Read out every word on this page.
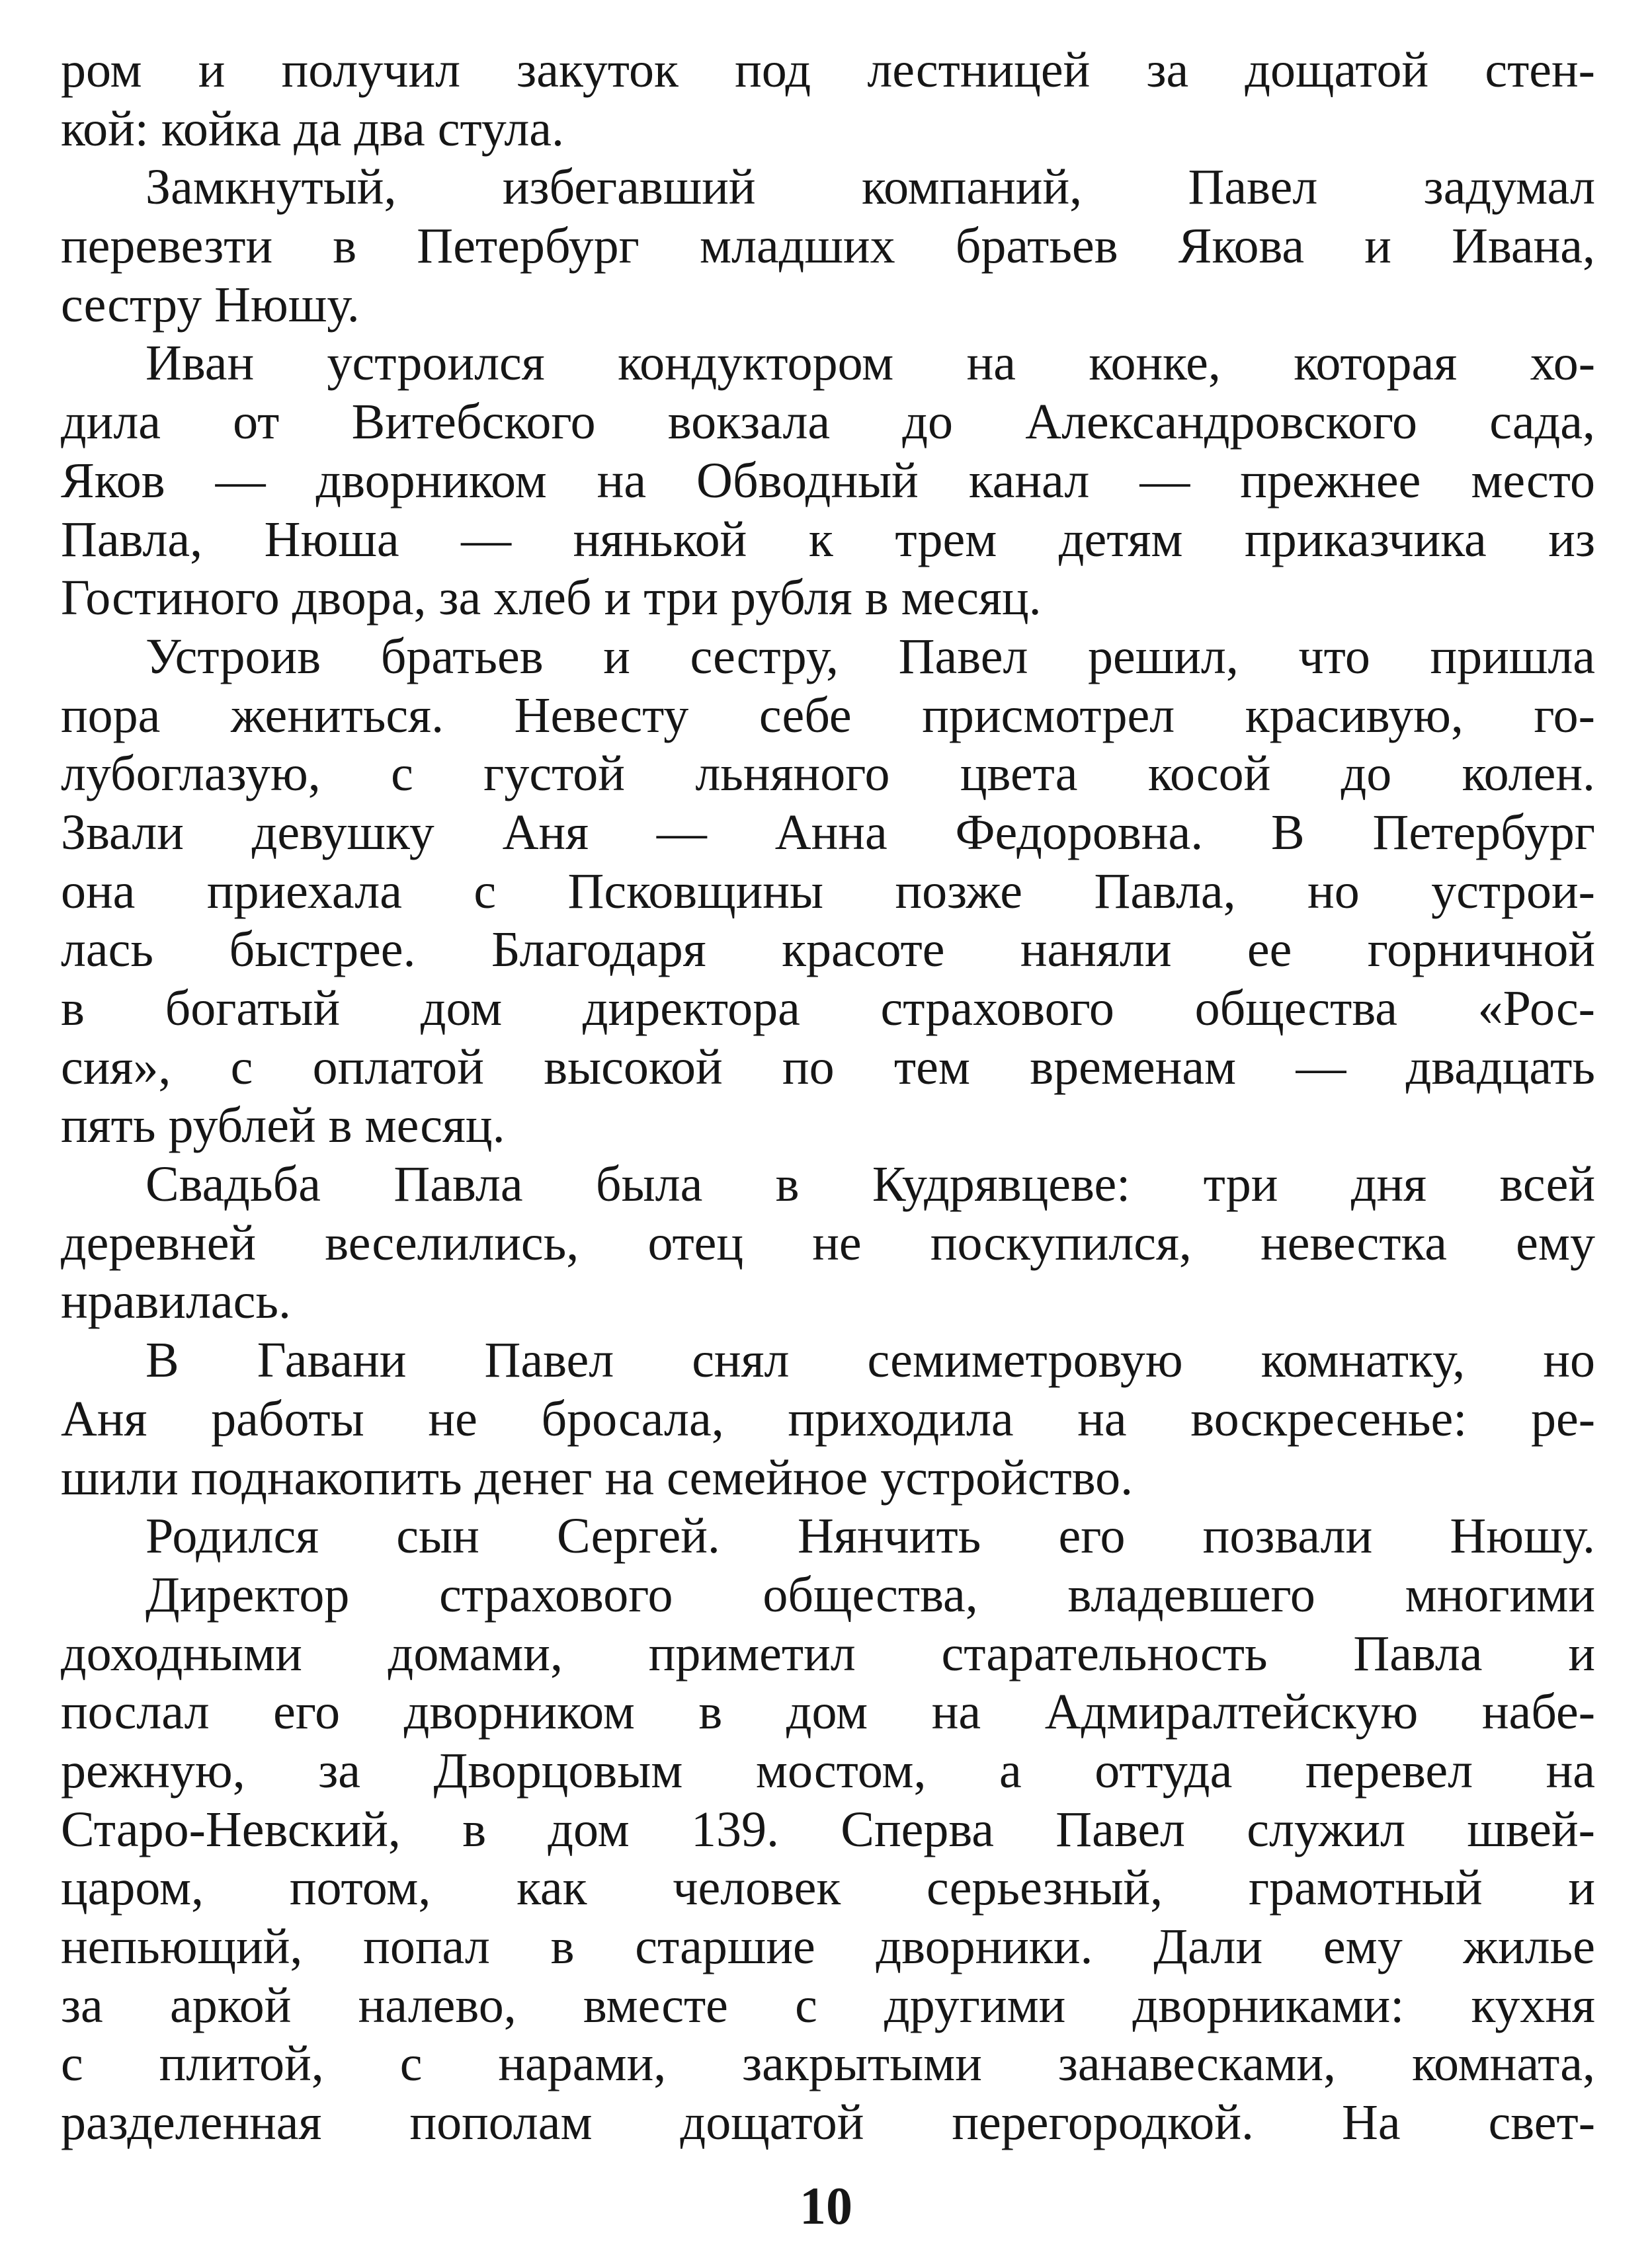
ром и получил закуток под лестницей за дощатой стен-
кой: койка да два стула.
Замкнутый, избегавший компаний, Павел задумал
перевезти в Петербург младших братьев Якова и Ивана,
сестру Нюшу.
Иван устроился кондуктором на конке, которая хо-
дила от Витебского вокзала до Александровского сада,
Яков — дворником на Обводный канал — прежнее место
Павла, Нюша — нянькой к трем детям приказчика из
Гостиного двора, за хлеб и три рубля в месяц.
Устроив братьев и сестру, Павел решил, что пришла
пора жениться. Невесту себе присмотрел красивую, го-
лубоглазую, с густой льняного цвета косой до колен.
Звали девушку Аня — Анна Федоровна. В Петербург
она приехала с Псковщины позже Павла, но устрои-
лась быстрее. Благодаря красоте наняли ее горничной
в богатый дом директора страхового общества «Рос-
сия», с оплатой высокой по тем временам — двадцать
пять рублей в месяц.
Свадьба Павла была в Кудрявцеве: три дня всей
деревней веселились, отец не поскупился, невестка ему
нравилась.
В Гавани Павел снял семиметровую комнатку, но
Аня работы не бросала, приходила на воскресенье: ре-
шили поднакопить денег на семейное устройство.
Родился сын Сергей. Нянчить его позвали Нюшу.
Директор страхового общества, владевшего многими
доходными домами, приметил старательность Павла и
послал его дворником в дом на Адмиралтейскую набе-
режную, за Дворцовым мостом, а оттуда перевел на
Старо-Невский, в дом 139. Сперва Павел служил швей-
царом, потом, как человек серьезный, грамотный и
непьющий, попал в старшие дворники. Дали ему жилье
за аркой налево, вместе с другими дворниками: кухня
с плитой, с нарами, закрытыми занавесками, комната,
разделенная пополам дощатой перегородкой. На свет-
10
